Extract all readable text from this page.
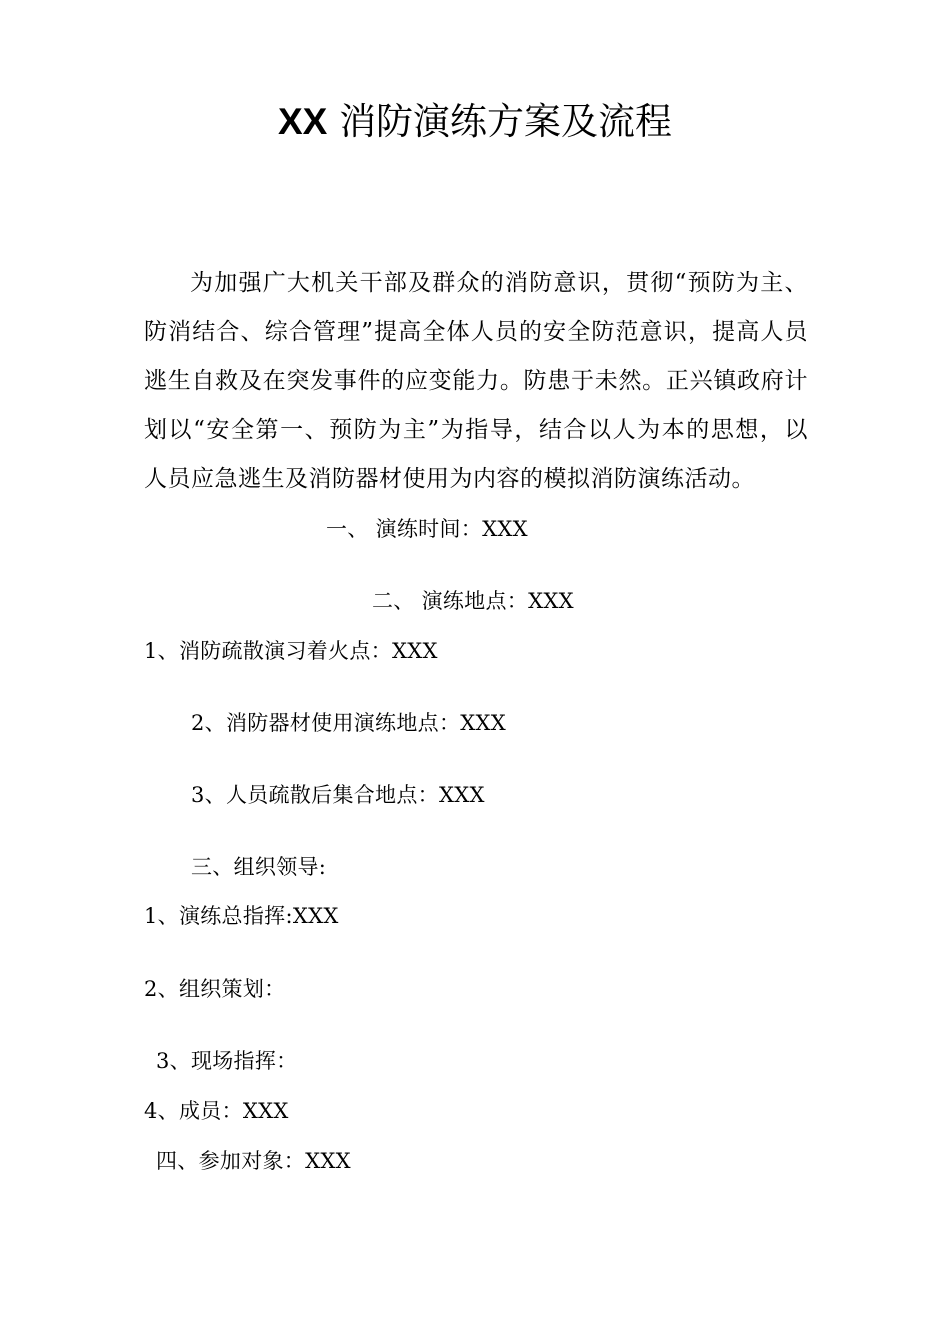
XX 消防演练方案及流程
为加强广大机关干部及群众的消防意识，贯彻“预防为主、
防消结合、综合管理”提高全体人员的安全防范意识，提高人员
逃生自救及在突发事件的应变能力。防患于未然。正兴镇政府计
划以“安全第一、预防为主”为指导，结合以人为本的思想，以
人员应急逃生及消防器材使用为内容的模拟消防演练活动。
一、 演练时间：XXX
二、 演练地点：XXX
1、消防疏散演习着火点：XXX
2、消防器材使用演练地点：XXX
3、人员疏散后集合地点：XXX
三、组织领导:
1、演练总指挥:XXX
2、组织策划：
3、现场指挥：
4、成员：XXX
四、参加对象：XXX
